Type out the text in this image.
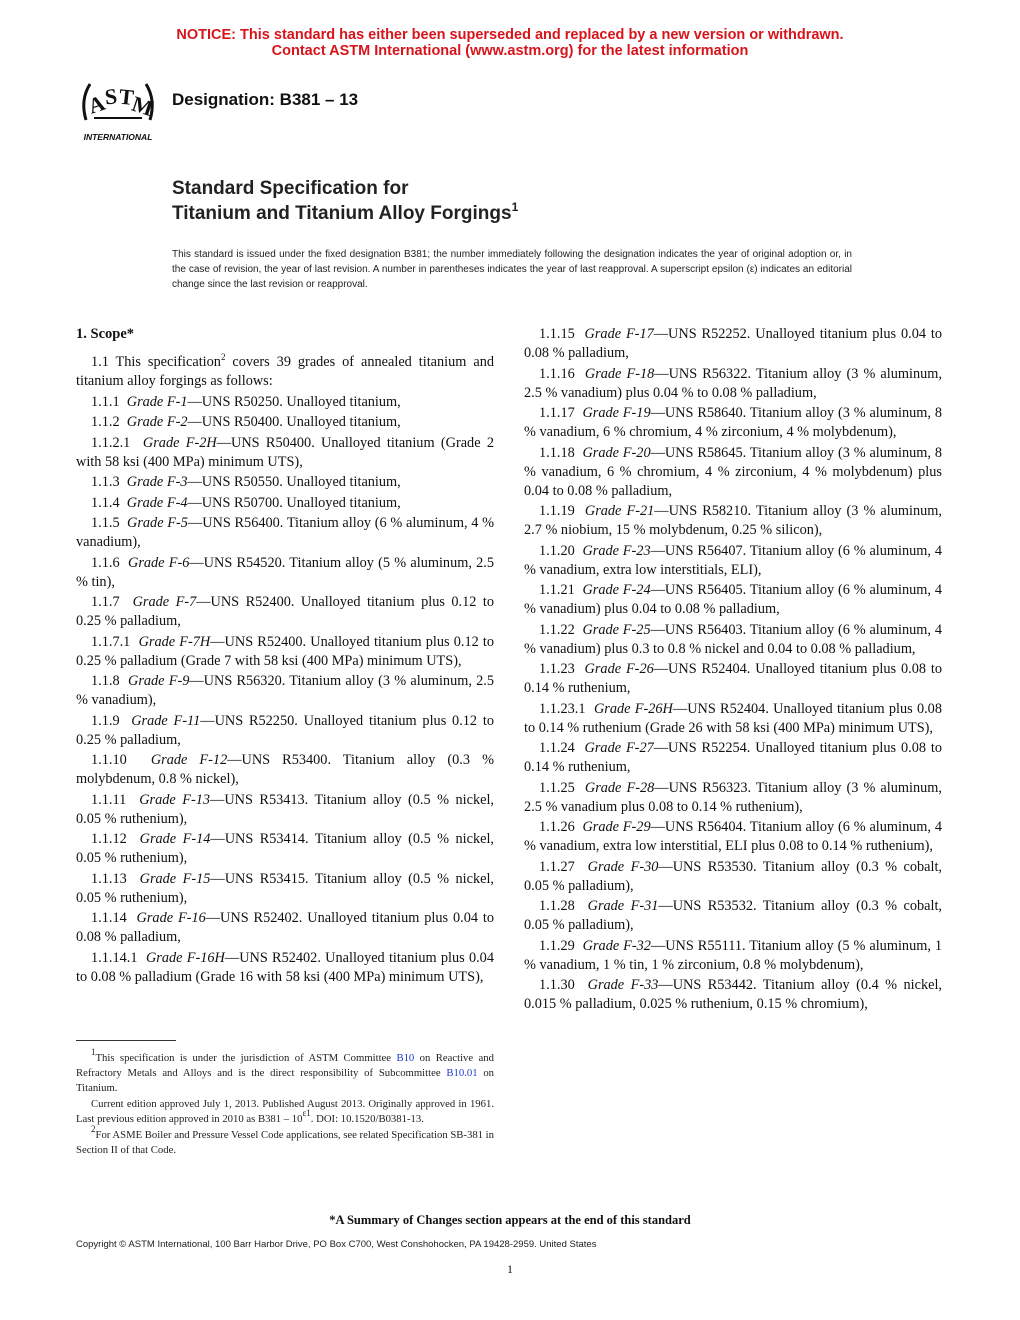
NOTICE: This standard has either been superseded and replaced by a new version or withdrawn.
Contact ASTM International (www.astm.org) for the latest information
A
S T
M
INTERNATIONAL
Designation: B381 – 13
Standard Specification for
Titanium and Titanium Alloy Forgings$^1$
This standard is issued under the fixed designation B381; the number immediately following the designation indicates the year of original adoption or, in the case of revision, the year of last revision. A number in parentheses indicates the year of last reapproval. A superscript epsilon (ε) indicates an editorial change since the last revision or reapproval.
1. Scope*

1.1 This specification$^2$ covers 39 grades of annealed titanium and titanium alloy forgings as follows:

1.1.1 Grade F-1—UNS R50250. Unalloyed titanium,

1.1.2 Grade F-2—UNS R50400. Unalloyed titanium,

1.1.2.1 Grade F-2H—UNS R50400. Unalloyed titanium (Grade 2 with 58 ksi (400 MPa) minimum UTS),

1.1.3 Grade F-3—UNS R50550. Unalloyed titanium,

1.1.4 Grade F-4—UNS R50700. Unalloyed titanium,

1.1.5 Grade F-5—UNS R56400. Titanium alloy (6 % aluminum, 4 % vanadium),

1.1.6 Grade F-6—UNS R54520. Titanium alloy (5 % aluminum, 2.5 % tin),

1.1.7 Grade F-7—UNS R52400. Unalloyed titanium plus 0.12 to 0.25 % palladium,

1.1.7.1 Grade F-7H—UNS R52400. Unalloyed titanium plus 0.12 to 0.25 % palladium (Grade 7 with 58 ksi (400 MPa) minimum UTS),

1.1.8 Grade F-9—UNS R56320. Titanium alloy (3 % aluminum, 2.5 % vanadium),

1.1.9 Grade F-11—UNS R52250. Unalloyed titanium plus 0.12 to 0.25 % palladium,

1.1.10 Grade F-12—UNS R53400. Titanium alloy (0.3 % molybdenum, 0.8 % nickel),

1.1.11 Grade F-13—UNS R53413. Titanium alloy (0.5 % nickel, 0.05 % ruthenium),

1.1.12 Grade F-14—UNS R53414. Titanium alloy (0.5 % nickel, 0.05 % ruthenium),

1.1.13 Grade F-15—UNS R53415. Titanium alloy (0.5 % nickel, 0.05 % ruthenium),

1.1.14 Grade F-16—UNS R52402. Unalloyed titanium plus 0.04 to 0.08 % palladium,

1.1.14.1 Grade F-16H—UNS R52402. Unalloyed titanium plus 0.04 to 0.08 % palladium (Grade 16 with 58 ksi (400 MPa) minimum UTS),

1.1.15 Grade F-17—UNS R52252. Unalloyed titanium plus 0.04 to 0.08 % palladium,

1.1.16 Grade F-18—UNS R56322. Titanium alloy (3 % aluminum, 2.5 % vanadium) plus 0.04 % to 0.08 % palladium,

1.1.17 Grade F-19—UNS R58640. Titanium alloy (3 % aluminum, 8 % vanadium, 6 % chromium, 4 % zirconium, 4 % molybdenum),

1.1.18 Grade F-20—UNS R58645. Titanium alloy (3 % aluminum, 8 % vanadium, 6 % chromium, 4 % zirconium, 4 % molybdenum) plus 0.04 to 0.08 % palladium,

1.1.19 Grade F-21—UNS R58210. Titanium alloy (3 % aluminum, 2.7 % niobium, 15 % molybdenum, 0.25 % silicon),

1.1.20 Grade F-23—UNS R56407. Titanium alloy (6 % aluminum, 4 % vanadium, extra low interstitials, ELI),

1.1.21 Grade F-24—UNS R56405. Titanium alloy (6 % aluminum, 4 % vanadium) plus 0.04 to 0.08 % palladium,

1.1.22 Grade F-25—UNS R56403. Titanium alloy (6 % aluminum, 4 % vanadium) plus 0.3 to 0.8 % nickel and 0.04 to 0.08 % palladium,

1.1.23 Grade F-26—UNS R52404. Unalloyed titanium plus 0.08 to 0.14 % ruthenium,

1.1.23.1 Grade F-26H—UNS R52404. Unalloyed titanium plus 0.08 to 0.14 % ruthenium (Grade 26 with 58 ksi (400 MPa) minimum UTS),

1.1.24 Grade F-27—UNS R52254. Unalloyed titanium plus 0.08 to 0.14 % ruthenium,

1.1.25 Grade F-28—UNS R56323. Titanium alloy (3 % aluminum, 2.5 % vanadium plus 0.08 to 0.14 % ruthenium),

1.1.26 Grade F-29—UNS R56404. Titanium alloy (6 % aluminum, 4 % vanadium, extra low interstitial, ELI plus 0.08 to 0.14 % ruthenium),

1.1.27 Grade F-30—UNS R53530. Titanium alloy (0.3 % cobalt, 0.05 % palladium),

1.1.28 Grade F-31—UNS R53532. Titanium alloy (0.3 % cobalt, 0.05 % palladium),

1.1.29 Grade F-32—UNS R55111. Titanium alloy (5 % aluminum, 1 % vanadium, 1 % tin, 1 % zirconium, 0.8 % molybdenum),

1.1.30 Grade F-33—UNS R53442. Titanium alloy (0.4 % nickel, 0.015 % palladium, 0.025 % ruthenium, 0.15 % chromium),

$^1$This specification is under the jurisdiction of ASTM Committee B10 on Reactive and Refractory Metals and Alloys and is the direct responsibility of Subcommittee B10.01 on Titanium.

Current edition approved July 1, 2013. Published August 2013. Originally approved in 1961. Last previous edition approved in 2010 as $B381 - 10^{\varepsilon 1}$. DOI: 10.1520/B0381-13.

$^2$For ASME Boiler and Pressure Vessel Code applications, see related Specification SB-381 in Section II of that Code.

*A Summary of Changes section appears at the end of this standard
Copyright © ASTM International, 100 Barr Harbor Drive, PO Box C700, West Conshohocken, PA 19428-2959. United States
1
